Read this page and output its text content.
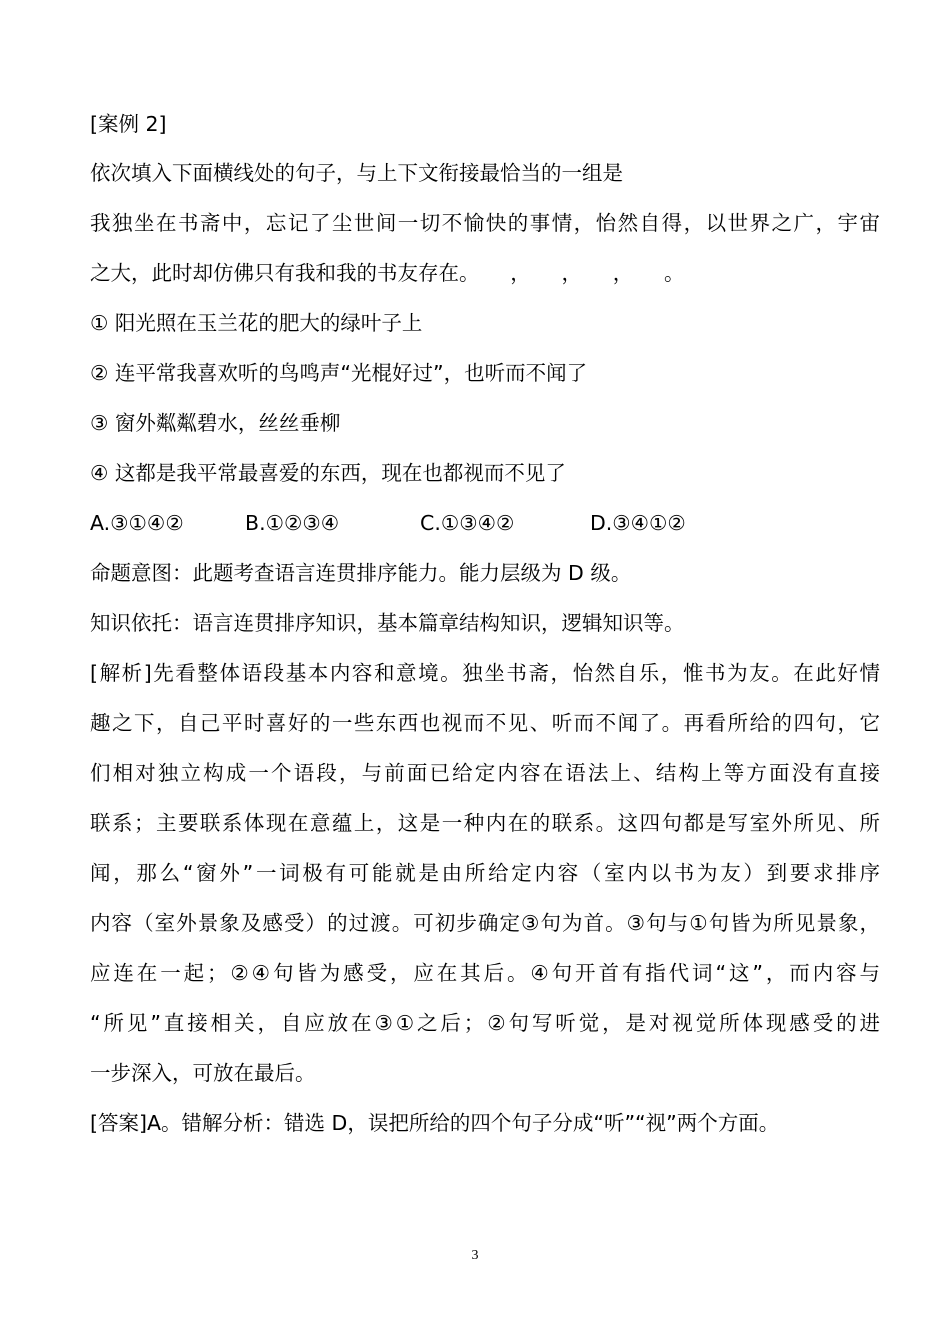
[案例 2]
依次填入下面横线处的句子，与上下文衔接最恰当的一组是
我独坐在书斋中，忘记了尘世间一切不愉快的事情，怡然自得，以世界之广，宇宙
之大，此时却仿佛只有我和我的书友存在。　　，　　，　　，　　。
① 阳光照在玉兰花的肥大的绿叶子上
② 连平常我喜欢听的鸟鸣声“光棍好过”，也听而不闻了
③ 窗外粼粼碧水，丝丝垂柳
④ 这都是我平常最喜爱的东西，现在也都视而不见了
A.③①④②	B.①②③④	C.①③④②	D.③④①②
命题意图：此题考查语言连贯排序能力。能力层级为 D 级。
知识依托：语言连贯排序知识，基本篇章结构知识，逻辑知识等。
[解析]先看整体语段基本内容和意境。独坐书斋，怡然自乐，惟书为友。在此好情
趣之下，自己平时喜好的一些东西也视而不见、听而不闻了。再看所给的四句，它
们相对独立构成一个语段，与前面已给定内容在语法上、结构上等方面没有直接
联系；主要联系体现在意蕴上，这是一种内在的联系。这四句都是写室外所见、所
闻，那么“窗外”一词极有可能就是由所给定内容（室内以书为友）到要求排序
内容（室外景象及感受）的过渡。可初步确定③句为首。③句与①句皆为所见景象，
应连在一起；②④句皆为感受，应在其后。④句开首有指代词“这”，而内容与
“所见”直接相关，自应放在③①之后；②句写听觉，是对视觉所体现感受的进
一步深入，可放在最后。
[答案]A。错解分析：错选 D，误把所给的四个句子分成“听”“视”两个方面。
3
